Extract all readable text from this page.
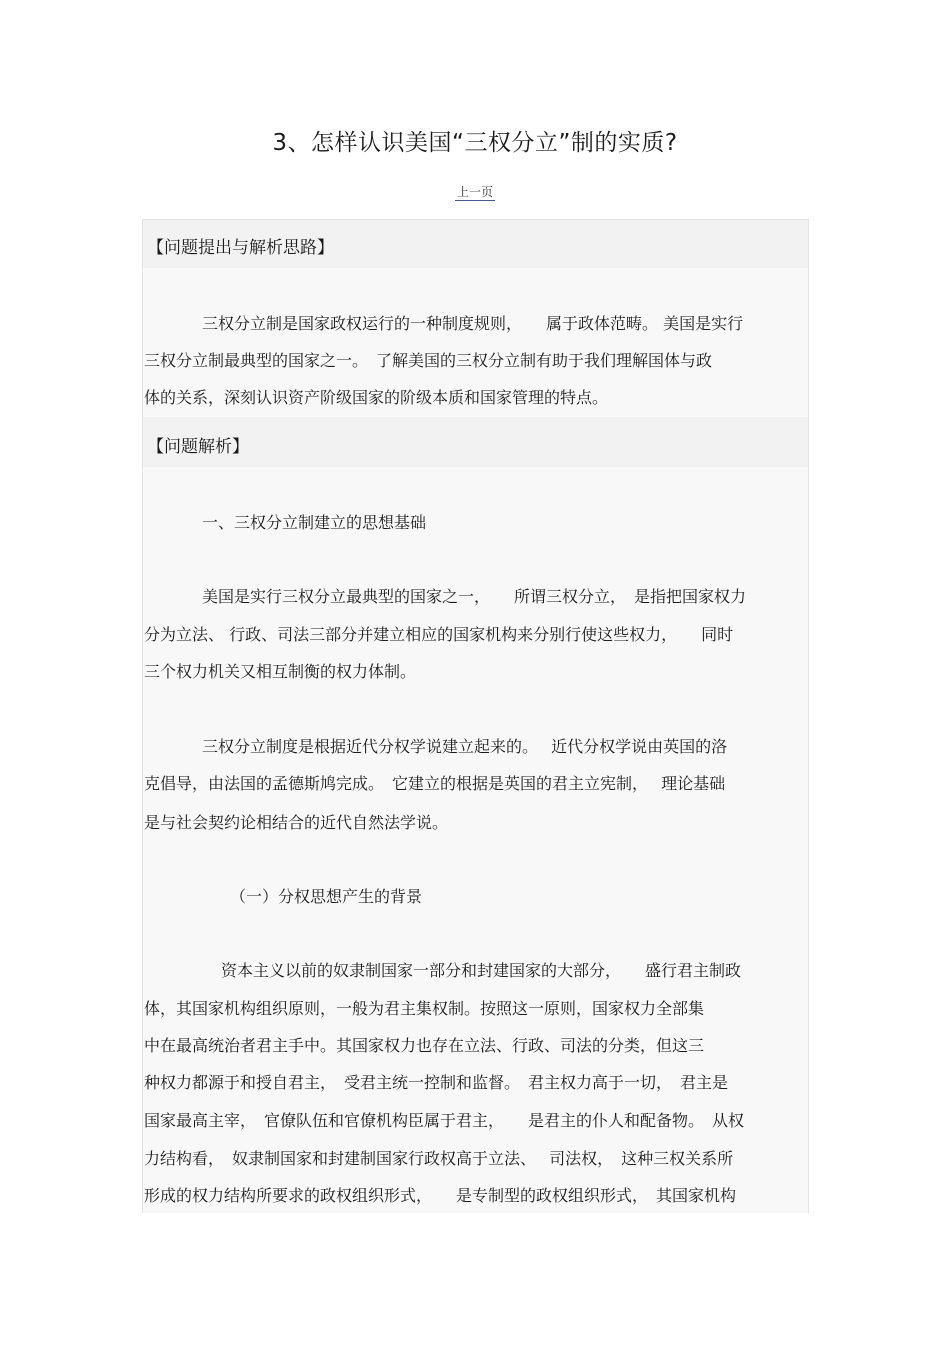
3、怎样认识美国“三权分立”制的实质?
上一页
【问题提出与解析思路】
三权分立制是国家政权运行的一种制度规则，　　属于政体范畴。 美国是实行
三权分立制最典型的国家之一。　了解美国的三权分立制有助于我们理解国体与政
体的关系，深刻认识资产阶级国家的阶级本质和国家管理的特点。
【问题解析】
一、三权分立制建立的思想基础
美国是实行三权分立最典型的国家之一，　　所谓三权分立，　是指把国家权力
分为立法、 行政、司法三部分并建立相应的国家机构来分别行使这些权力，　　同时
三个权力机关又相互制衡的权力体制。
三权分立制度是根据近代分权学说建立起来的。　 近代分权学说由英国的洛
克倡导，由法国的孟德斯鸠完成。　它建立的根据是英国的君主立宪制，　 理论基础
是与社会契约论相结合的近代自然法学说。
（一）分权思想产生的背景
资本主义以前的奴隶制国家一部分和封建国家的大部分，　　盛行君主制政
体，其国家机构组织原则，一般为君主集权制。按照这一原则，国家权力全部集
中在最高统治者君主手中。其国家权力也存在立法、行政、司法的分类，但这三
种权力都源于和授自君主，　受君主统一控制和监督。　君主权力高于一切，　君主是
国家最高主宰，　官僚队伍和官僚机构臣属于君主，　　是君主的仆人和配备物。　从权
力结构看，　奴隶制国家和封建制国家行政权高于立法、　 司法权，　这种三权关系所
形成的权力结构所要求的政权组织形式，　　是专制型的政权组织形式，　其国家机构
